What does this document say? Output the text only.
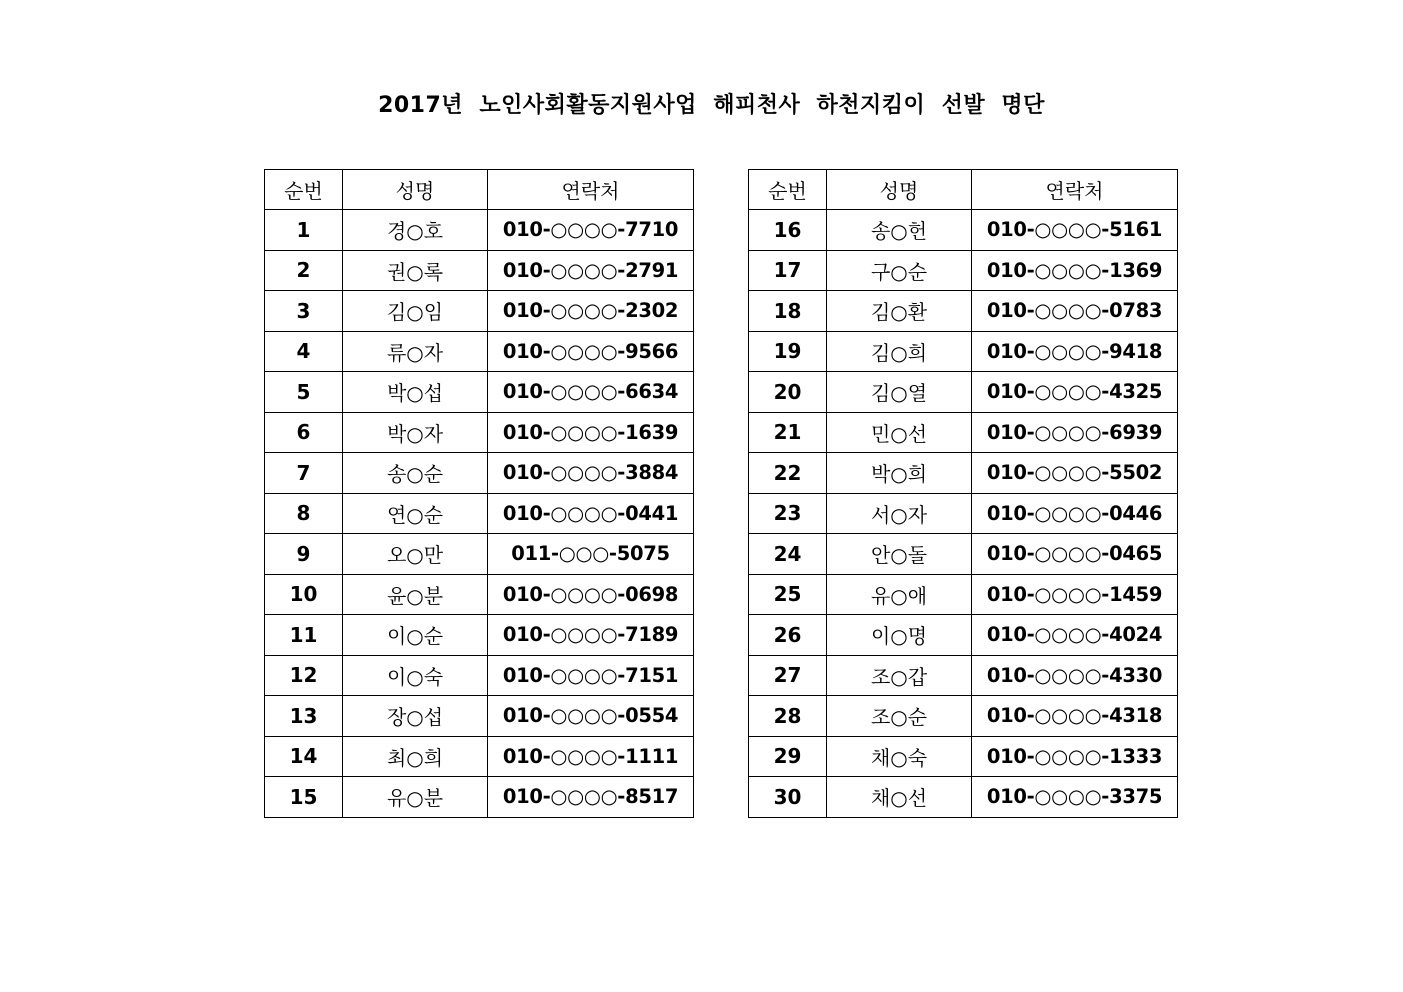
2017년  노인사회활동지원사업  해피천사  하천지킴이  선발  명단
순번	성명	연락처
1	경○호	010-○○○○-7710
2	권○록	010-○○○○-2791
3	김○임	010-○○○○-2302
4	류○자	010-○○○○-9566
5	박○섭	010-○○○○-6634
6	박○자	010-○○○○-1639
7	송○순	010-○○○○-3884
8	연○순	010-○○○○-0441
9	오○만	011-○○○-5075
10	윤○분	010-○○○○-0698
11	이○순	010-○○○○-7189
12	이○숙	010-○○○○-7151
13	장○섭	010-○○○○-0554
14	최○희	010-○○○○-1111
15	유○분	010-○○○○-8517
순번	성명	연락처
16	송○헌	010-○○○○-5161
17	구○순	010-○○○○-1369
18	김○환	010-○○○○-0783
19	김○희	010-○○○○-9418
20	김○열	010-○○○○-4325
21	민○선	010-○○○○-6939
22	박○희	010-○○○○-5502
23	서○자	010-○○○○-0446
24	안○돌	010-○○○○-0465
25	유○애	010-○○○○-1459
26	이○명	010-○○○○-4024
27	조○갑	010-○○○○-4330
28	조○순	010-○○○○-4318
29	채○숙	010-○○○○-1333
30	채○선	010-○○○○-3375
